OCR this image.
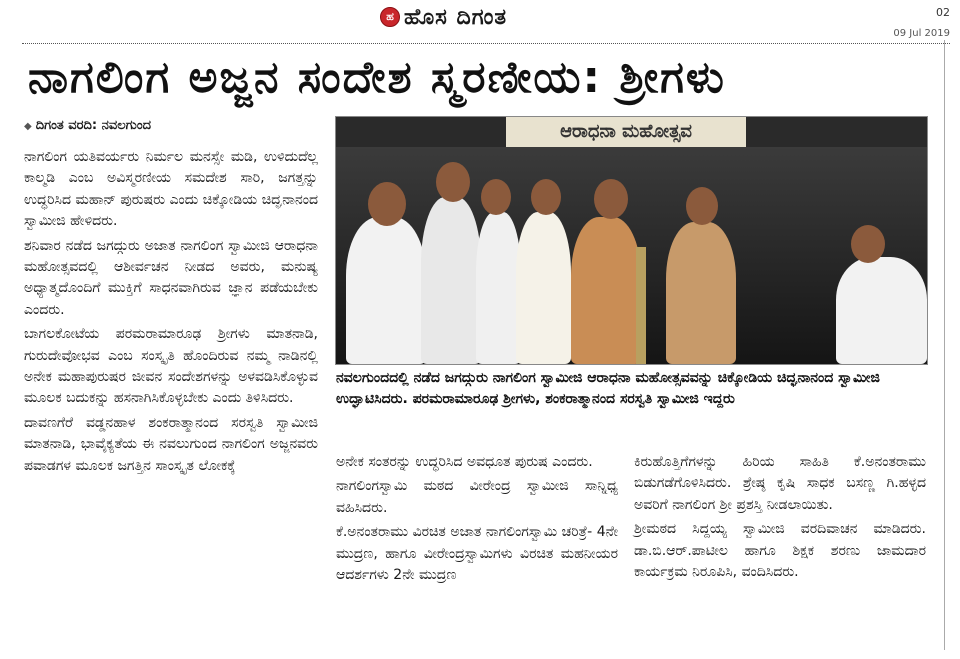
ಹ ಹೊಸ ದಿಗಂತ	02
09 Jul 2019
ನಾಗಲಿಂಗ ಅಜ್ಜನ ಸಂದೇಶ ಸ್ಮರಣೀಯ: ಶ್ರೀಗಳು
◆ ದಿಗಂತ ವರದಿ: ನವಲಗುಂದ

ನಾಗಲಿಂಗ ಯತಿವರ್ಯರು ನಿರ್ಮಲ ಮನಸ್ಸೇ ಮಡಿ, ಉಳಿದುದೆಲ್ಲ ಕಾಲ್ಮಡಿ ಎಂಬ ಅವಿಸ್ಮರಣೀಯ ಸಮದೇಶ ಸಾರಿ, ಜಗತ್ತನ್ನು ಉದ್ಧರಿಸಿದ ಮಹಾನ್ ಪುರುಷರು ಎಂದು ಚಿಕ್ಕೋಡಿಯ ಚಿದ್ಘನಾನಂದ ಸ್ವಾಮೀಜಿ ಹೇಳಿದರು.

ಶನಿವಾರ ನಡೆದ ಜಗದ್ಗುರು ಅಜಾತ ನಾಗಲಿಂಗ ಸ್ವಾಮೀಜಿ ಆರಾಧನಾ ಮಹೋತ್ಸವದಲ್ಲಿ ಆಶೀರ್ವಚನ ನೀಡದ ಅವರು, ಮನುಷ್ಯ ಅಧ್ಯಾತ್ಮದೊಂದಿಗೆ ಮುಕ್ತಿಗೆ ಸಾಧನವಾಗಿರುವ ಜ್ಞಾನ ಪಡೆಯಬೇಕು ಎಂದರು.

ಬಾಗಲಕೋಟೆಯ ಪರಮರಾಮಾರೂಢ ಶ್ರೀಗಳು ಮಾತನಾಡಿ, ಗುರುದೇವೋಭವ ಎಂಬ ಸಂಸ್ಕೃತಿ ಹೊಂದಿರುವ ನಮ್ಮ ನಾಡಿನಲ್ಲಿ ಅನೇಕ ಮಹಾಪುರುಷರ ಜೀವನ ಸಂದೇಶಗಳನ್ನು ಅಳವಡಿಸಿಕೊಳ್ಳುವ ಮೂಲಕ ಬದುಕನ್ನು ಹಸನಾಗಿಸಿಕೊಳ್ಳಬೇಕು ಎಂದು ತಿಳಿಸಿದರು.

ದಾವಣಗೆರೆ ವಡ್ಡನಹಾಳ ಶಂಕರಾತ್ಮಾನಂದ ಸರಸ್ವತಿ ಸ್ವಾಮೀಜಿ ಮಾತನಾಡಿ, ಭಾವೈಕ್ಯತೆಯ ಈ ನವಲುಗುಂದ ನಾಗಲಿಂಗ ಅಜ್ಜನವರು ಪವಾಡಗಳ ಮೂಲಕ ಜಗತ್ತಿನ ಸಾಂಸ್ಕೃತ ಲೋಕಕ್ಕೆ

ಆರಾಧನಾ ಮಹೋತ್ಸವ
ನವಲಗುಂದದಲ್ಲಿ ನಡೆದ ಜಗದ್ಗುರು ನಾಗಲಿಂಗ ಸ್ವಾಮೀಜಿ ಆರಾಧನಾ ಮಹೋತ್ಸವವನ್ನು ಚಿಕ್ಕೋಡಿಯ ಚಿದ್ಘನಾನಂದ ಸ್ವಾಮೀಜಿ ಉದ್ಘಾಟಿಸಿದರು. ಪರಮರಾಮಾರೂಢ ಶ್ರೀಗಳು, ಶಂಕರಾತ್ಮಾನಂದ ಸರಸ್ವತಿ ಸ್ವಾಮೀಜಿ ಇದ್ದರು

ಅನೇಕ ಸಂತರನ್ನು ಉದ್ಧರಿಸಿದ ಅವಧೂತ ಪುರುಷ ಎಂದರು.

ನಾಗಲಿಂಗಸ್ವಾಮಿ ಮಠದ ವೀರೇಂದ್ರ ಸ್ವಾಮೀಜಿ ಸಾನ್ನಿಧ್ಯ ವಹಿಸಿದರು.

ಕೆ.ಅನಂತರಾಮು ವಿರಚಿತ ಅಜಾತ ನಾಗಲಿಂಗಸ್ವಾಮಿ ಚರಿತ್ರೆ- 4ನೇ ಮುದ್ರಣ, ಹಾಗೂ ವೀರೇಂದ್ರಸ್ವಾಮಿಗಳು ವಿರಚಿತ ಮಹನೀಯರ ಆದರ್ಶಗಳು 2ನೇ ಮುದ್ರಣ

ಕಿರುಹೊತ್ತಿಗೆಗಳನ್ನು ಹಿರಿಯ ಸಾಹಿತಿ ಕೆ.ಅನಂತರಾಮು ಬಿಡುಗಡೆಗೊಳಿಸಿದರು. ಶ್ರೇಷ್ಠ ಕೃಷಿ ಸಾಧಕ ಬಸಣ್ಣ ಗಿ.ಹಳ್ಳದ ಅವರಿಗೆ ನಾಗಲಿಂಗ ಶ್ರೀ ಪ್ರಶಸ್ತಿ ನೀಡಲಾಯಿತು.

ಶ್ರೀಮಠದ ಸಿದ್ದಯ್ಯ ಸ್ವಾಮೀಜಿ ವರದಿವಾಚನ ಮಾಡಿದರು. ಡಾ.ಬಿ.ಆರ್.ಪಾಟೀಲ ಹಾಗೂ ಶಿಕ್ಷಕ ಶರಣು ಜಾಮದಾರ ಕಾರ್ಯಕ್ರಮ ನಿರೂಪಿಸಿ, ವಂದಿಸಿದರು.
